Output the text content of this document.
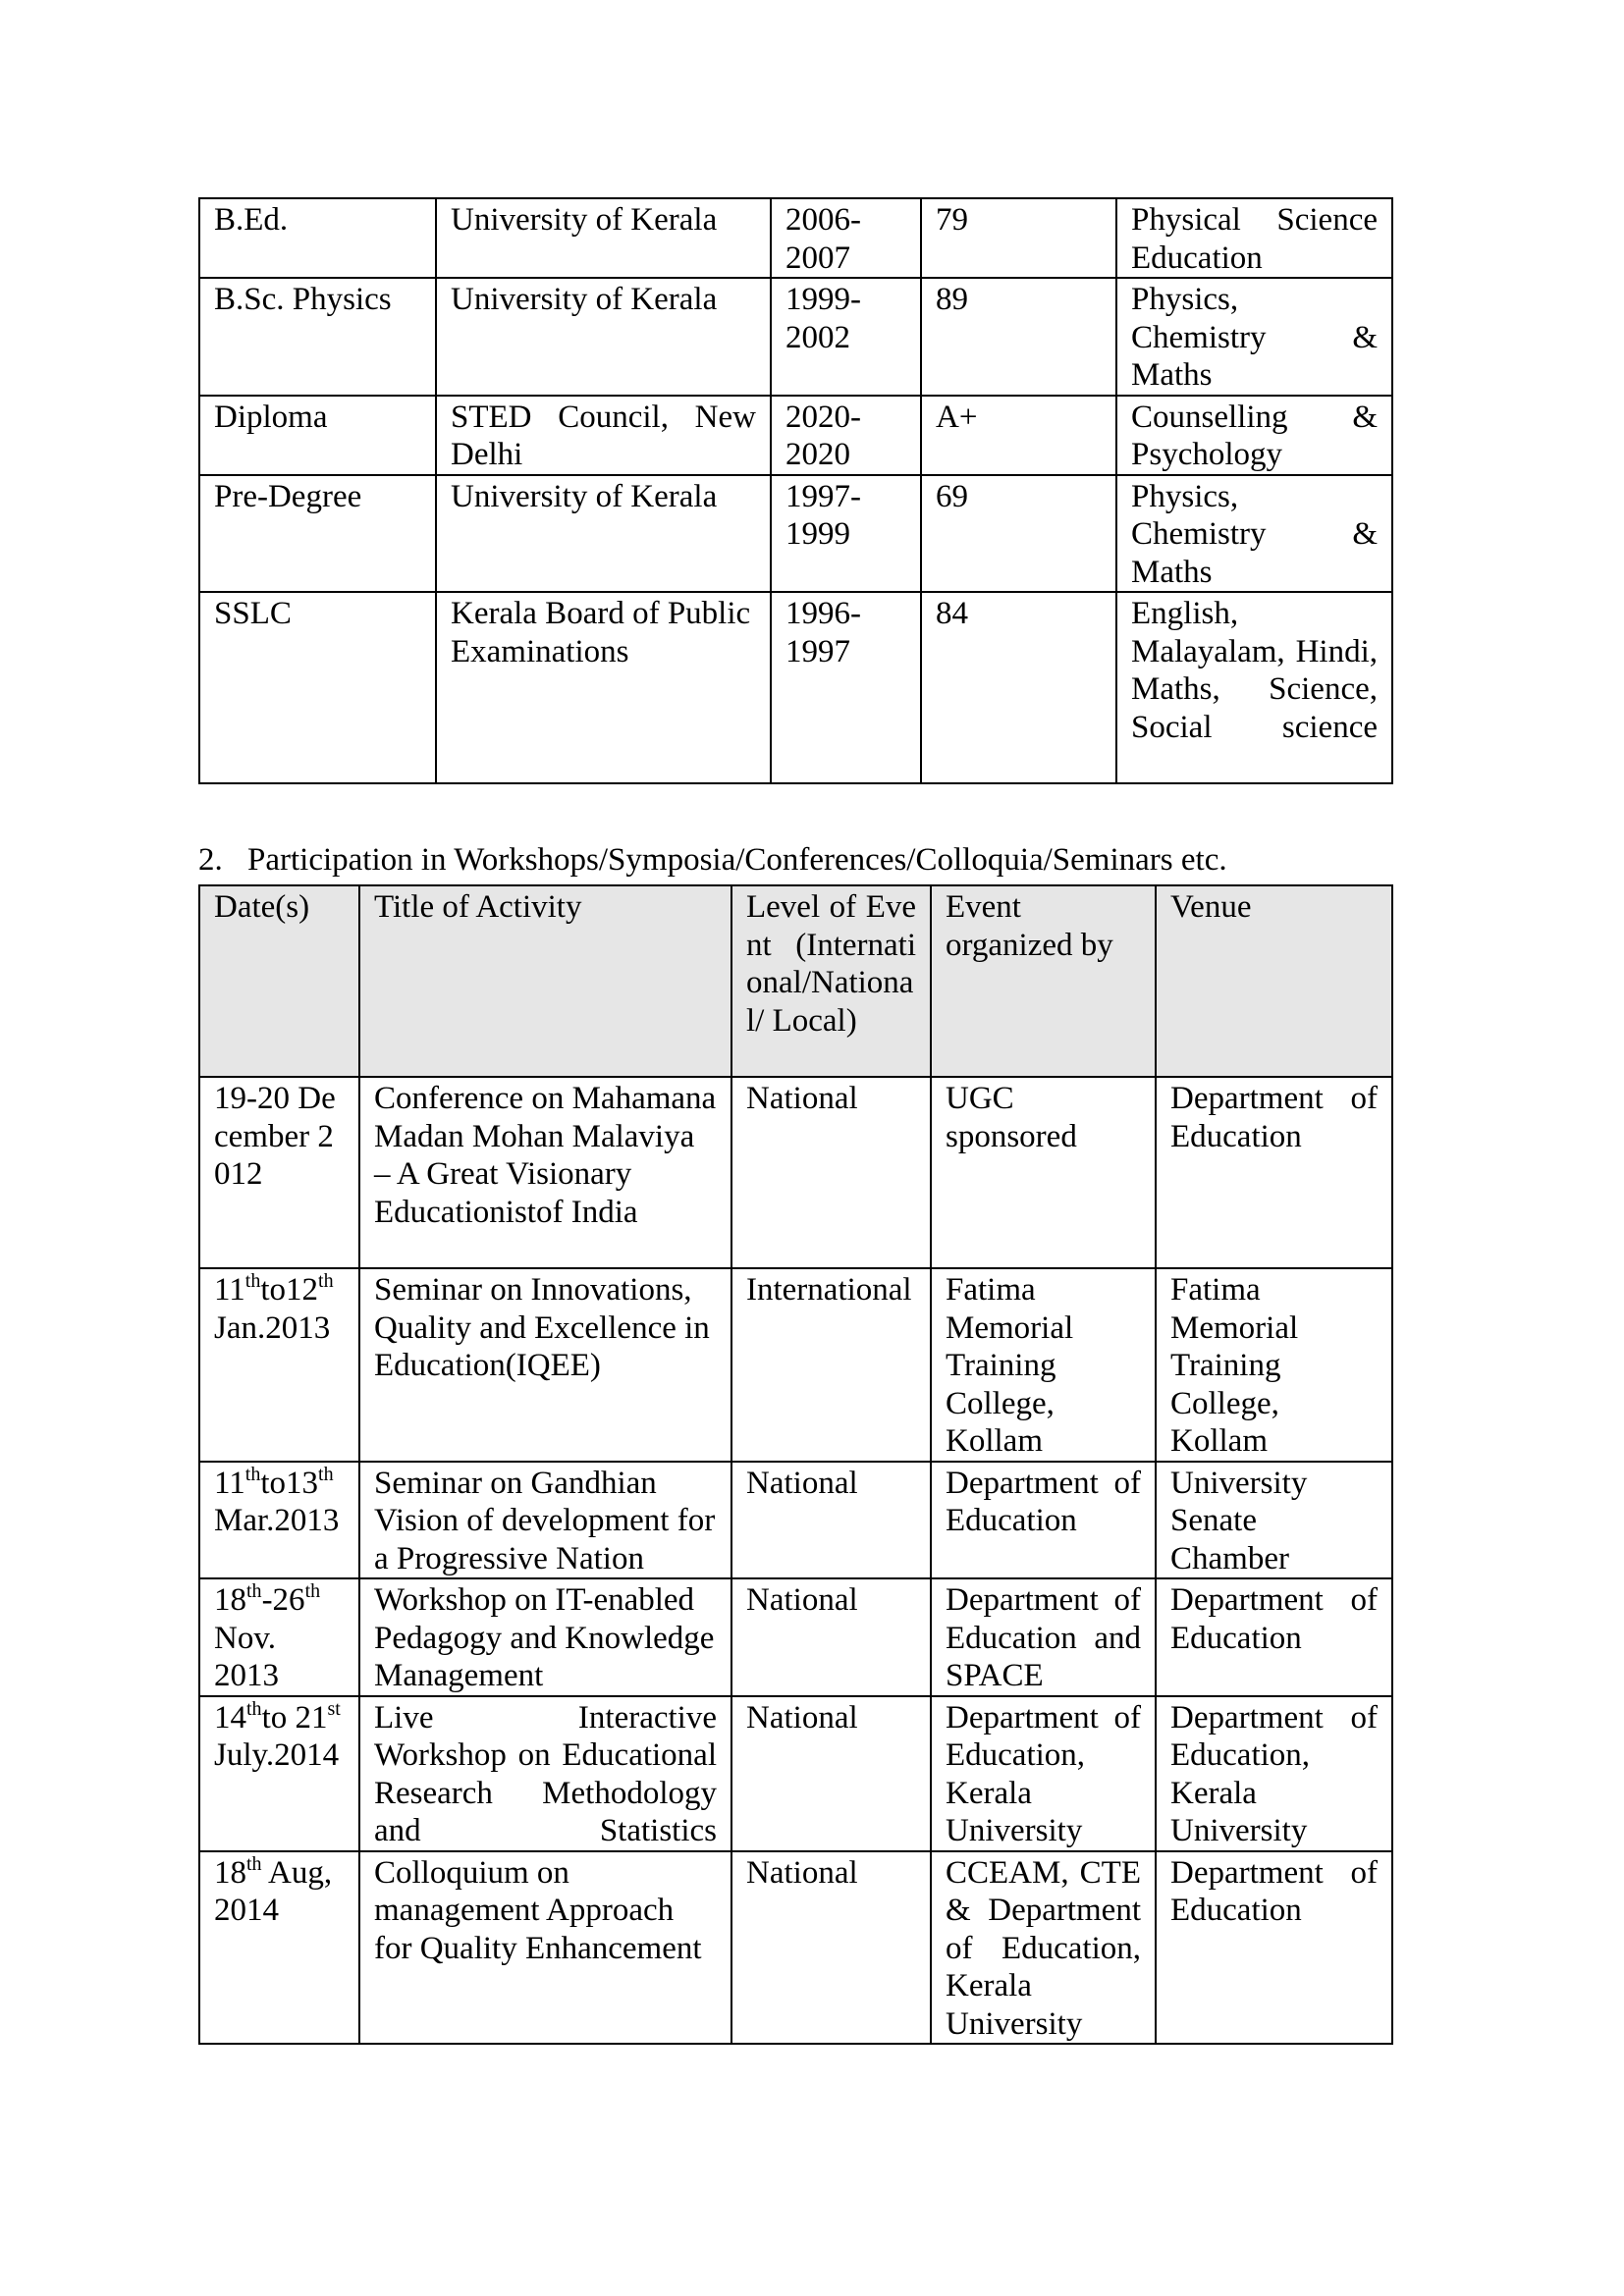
B.Ed.	University of Kerala	2006-2007	79	Physical Science Education
B.Sc. Physics	University of Kerala	1999-2002	89	Physics, Chemistry & Maths
Diploma	STED Council, New Delhi	2020-2020	A+	Counselling & Psychology
Pre-Degree	University of Kerala	1997-1999	69	Physics, Chemistry & Maths
SSLC	Kerala Board of Public Examinations	1996-1997	84	English, Malayalam, Hindi, Maths, Science, Social science
2. Participation in Workshops/Symposia/Conferences/Colloquia/Seminars etc.
Date(s)	Title of Activity	Level of Event (International/National/ Local)	Event organized by	Venue
19-20 December 2012	Conference on Mahamana Madan Mohan Malaviya – A Great Visionary Educationistof India	National	UGC sponsored	Department of Education
11thto12th Jan.2013	Seminar on Innovations, Quality and Excellence in Education(IQEE)	International	Fatima Memorial Training College, Kollam	Fatima Memorial Training College, Kollam
11thto13th Mar.2013	Seminar on Gandhian Vision of development for a Progressive Nation	National	Department of Education	University Senate Chamber
18th-26th Nov. 2013	Workshop on IT-enabled Pedagogy and Knowledge Management	National	Department of Education and SPACE	Department of Education
14thto 21st July.2014	Live Interactive Workshop on Educational Research Methodology and Statistics	National	Department of Education, Kerala University	Department of Education, Kerala University
18th Aug,2014	Colloquium on management Approach for Quality Enhancement	National	CCEAM, CTE & Department of Education, Kerala University	Department of Education
